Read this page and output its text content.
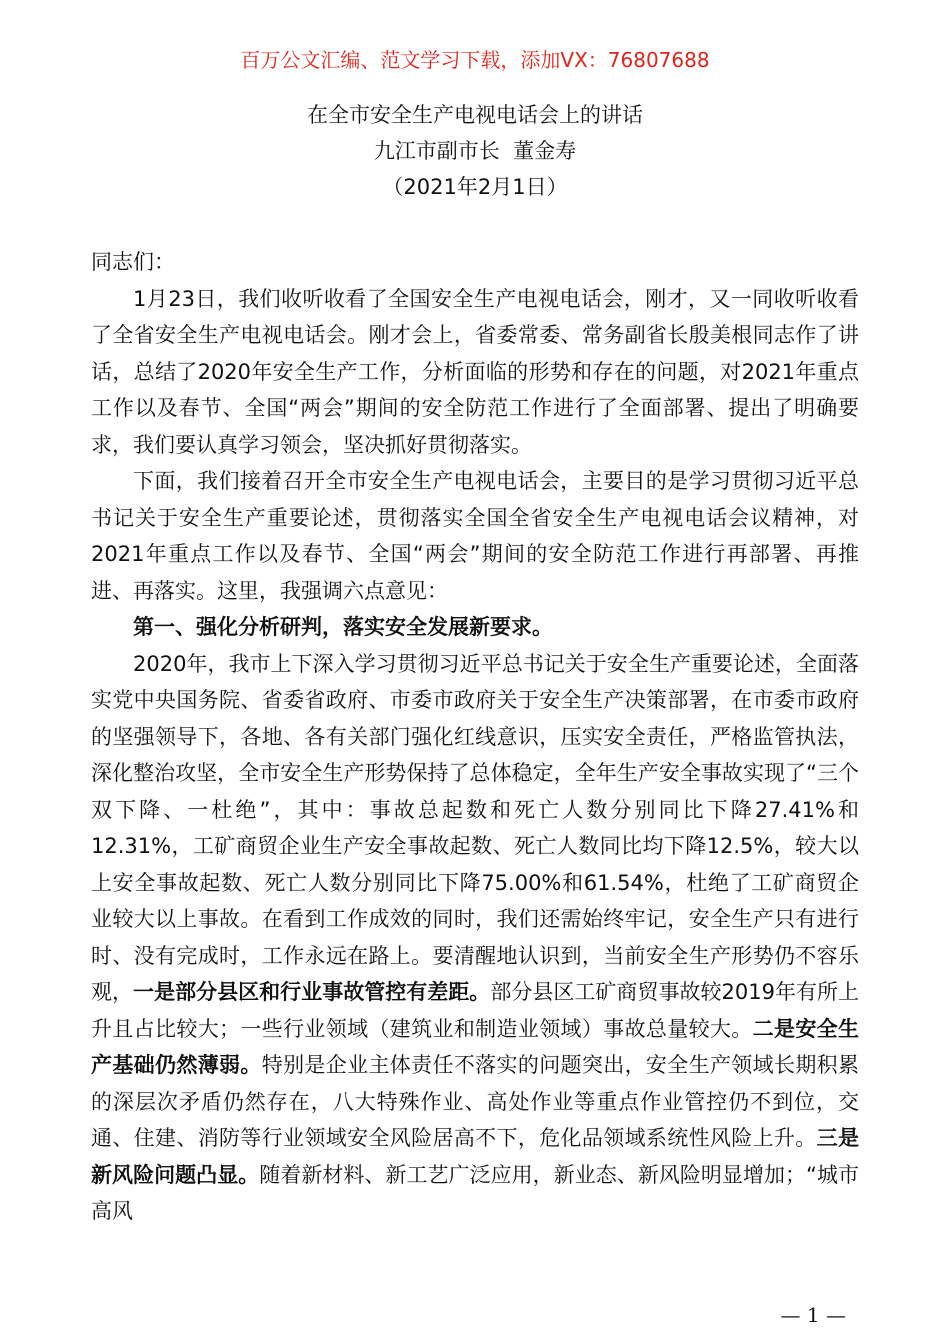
百万公文汇编、范文学习下载，添加VX：76807688
在全市安全生产电视电话会上的讲话
九江市副市长  董金寿
（2021年2月1日）

同志们：

1月23日，我们收听收看了全国安全生产电视电话会，刚才，又一同收听收看了全省安全生产电视电话会。刚才会上，省委常委、常务副省长殷美根同志作了讲话，总结了2020年安全生产工作，分析面临的形势和存在的问题，对2021年重点工作以及春节、全国“两会”期间的安全防范工作进行了全面部署、提出了明确要求，我们要认真学习领会，坚决抓好贯彻落实。

下面，我们接着召开全市安全生产电视电话会，主要目的是学习贯彻习近平总书记关于安全生产重要论述，贯彻落实全国全省安全生产电视电话会议精神，对2021年重点工作以及春节、全国“两会”期间的安全防范工作进行再部署、再推进、再落实。这里，我强调六点意见：

第一、强化分析研判，落实安全发展新要求。

2020年，我市上下深入学习贯彻习近平总书记关于安全生产重要论述，全面落实党中央国务院、省委省政府、市委市政府关于安全生产决策部署，在市委市政府的坚强领导下，各地、各有关部门强化红线意识，压实安全责任，严格监管执法，深化整治攻坚，全市安全生产形势保持了总体稳定，全年生产安全事故实现了“三个双下降、一杜绝”，其中：事故总起数和死亡人数分别同比下降27.41%和12.31%，工矿商贸企业生产安全事故起数、死亡人数同比均下降12.5%，较大以上安全事故起数、死亡人数分别同比下降75.00%和61.54%，杜绝了工矿商贸企业较大以上事故。在看到工作成效的同时，我们还需始终牢记，安全生产只有进行时、没有完成时，工作永远在路上。要清醒地认识到，当前安全生产形势仍不容乐观，一是部分县区和行业事故管控有差距。部分县区工矿商贸事故较2019年有所上升且占比较大；一些行业领域（建筑业和制造业领域）事故总量较大。二是安全生产基础仍然薄弱。特别是企业主体责任不落实的问题突出，安全生产领域长期积累的深层次矛盾仍然存在，八大特殊作业、高处作业等重点作业管控仍不到位，交通、住建、消防等行业领域安全风险居高不下，危化品领域系统性风险上升。三是新风险问题凸显。随着新材料、新工艺广泛应用，新业态、新风险明显增加；“城市高风

— 1 —
